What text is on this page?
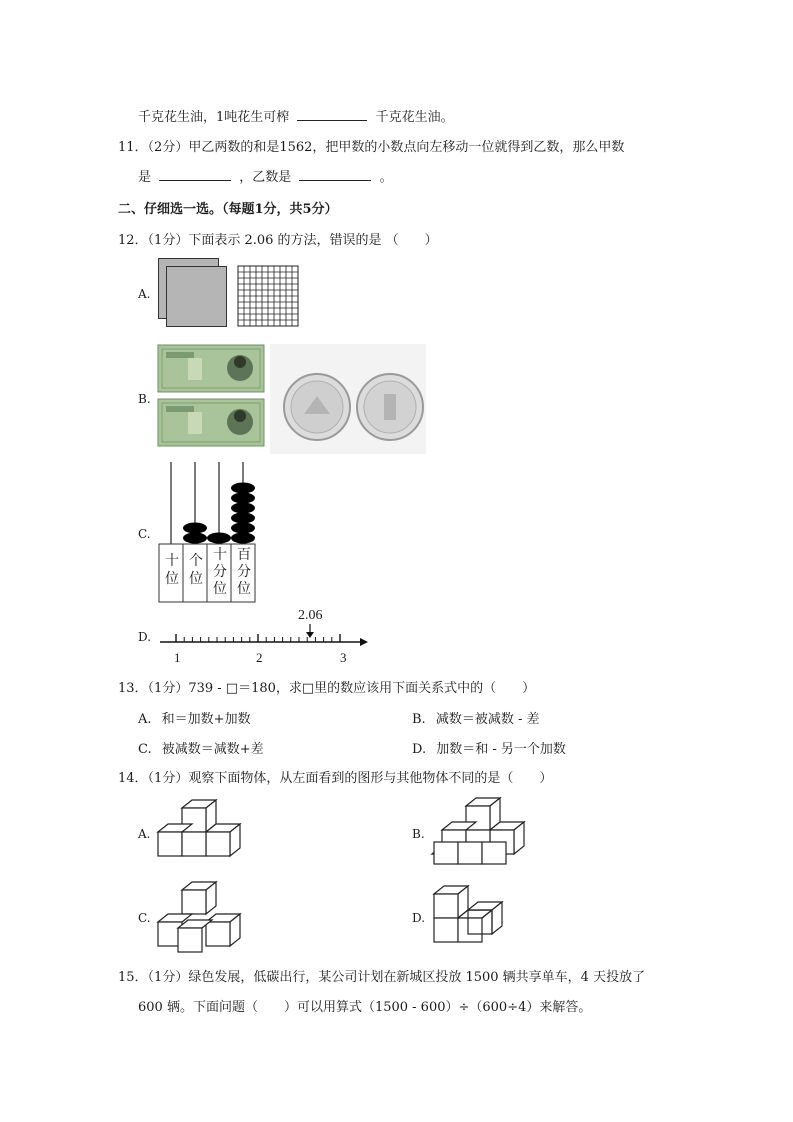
千克花生油，1吨花生可榨	千克花生油。
11．（2分）甲乙两数的和是1562，把甲数的小数点向左移动一位就得到乙数，那么甲数
是	，乙数是	。
二、仔细选一选。（每题1分，共5分）
12．（1分）下面表示 2.06 的方法，错误的是 （　　）
A.
B.
C.
十
位
个
位
十
分
位
百
分
位
D.
2.06
1	2	3
13．（1分）739 - □＝180，求□里的数应该用下面关系式中的（　　）
A. 和＝加数+加数	B. 减数＝被减数 - 差
C. 被减数＝减数+差	D. 加数＝和 - 另一个加数
14．（1分）观察下面物体，从左面看到的图形与其他物体不同的是（　　）
A.	B.
C.	D.
15．（1分）绿色发展，低碳出行，某公司计划在新城区投放 1500 辆共享单车，4 天投放了
600 辆。下面问题（　　）可以用算式（1500 - 600）÷（600÷4）来解答。
